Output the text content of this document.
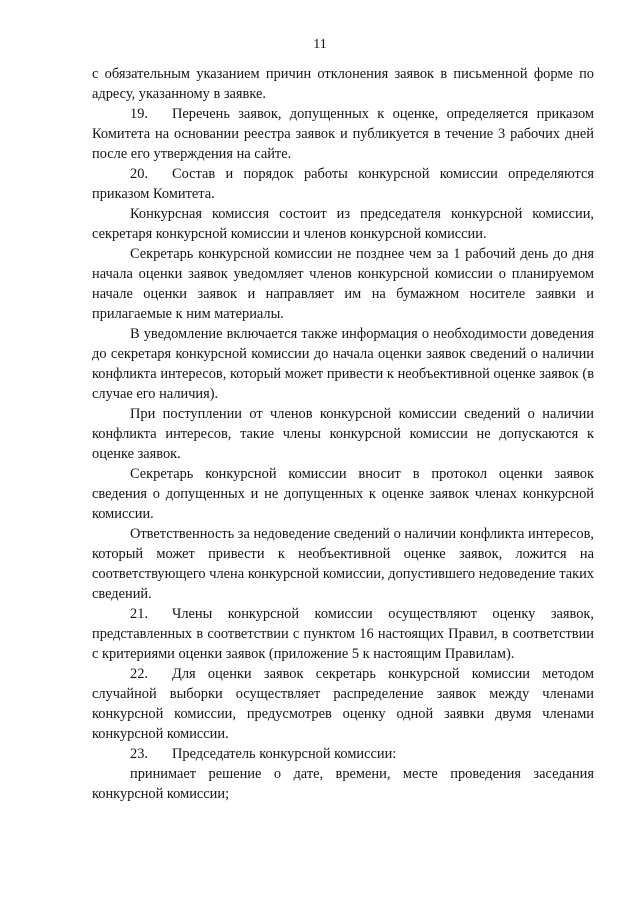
11

с обязательным указанием причин отклонения заявок в письменной форме по адресу, указанному в заявке.

19. Перечень заявок, допущенных к оценке, определяется приказом Комитета на основании реестра заявок и публикуется в течение 3 рабочих дней после его утверждения на сайте.

20. Состав и порядок работы конкурсной комиссии определяются приказом Комитета.

Конкурсная комиссия состоит из председателя конкурсной комиссии, секретаря конкурсной комиссии и членов конкурсной комиссии.

Секретарь конкурсной комиссии не позднее чем за 1 рабочий день до дня начала оценки заявок уведомляет членов конкурсной комиссии о планируемом начале оценки заявок и направляет им на бумажном носителе заявки и прилагаемые к ним материалы.

В уведомление включается также информация о необходимости доведения до секретаря конкурсной комиссии до начала оценки заявок сведений о наличии конфликта интересов, который может привести к необъективной оценке заявок (в случае его наличия).

При поступлении от членов конкурсной комиссии сведений о наличии конфликта интересов, такие члены конкурсной комиссии не допускаются к оценке заявок.

Секретарь конкурсной комиссии вносит в протокол оценки заявок сведения о допущенных и не допущенных к оценке заявок членах конкурсной комиссии.

Ответственность за недоведение сведений о наличии конфликта интересов, который может привести к необъективной оценке заявок, ложится на соответствующего члена конкурсной комиссии, допустившего недоведение таких сведений.

21. Члены конкурсной комиссии осуществляют оценку заявок, представленных в соответствии с пунктом 16 настоящих Правил, в соответствии с критериями оценки заявок (приложение 5 к настоящим Правилам).

22. Для оценки заявок секретарь конкурсной комиссии методом случайной выборки осуществляет распределение заявок между членами конкурсной комиссии, предусмотрев оценку одной заявки двумя членами конкурсной комиссии.

23. Председатель конкурсной комиссии:

принимает решение о дате, времени, месте проведения заседания конкурсной комиссии;
